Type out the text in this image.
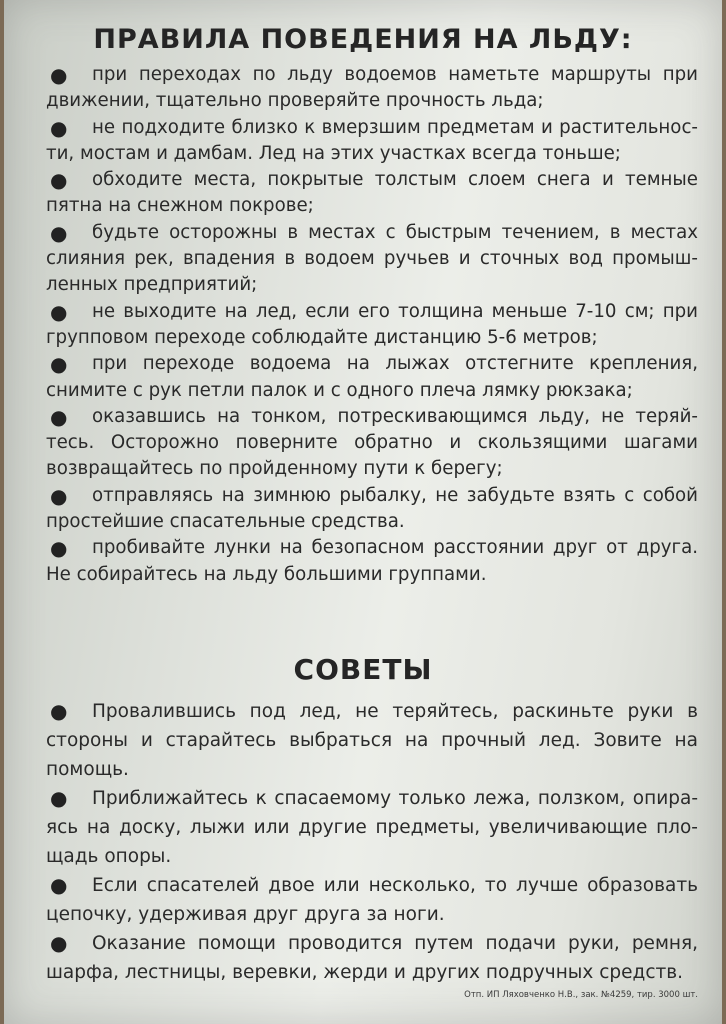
ПРАВИЛА ПОВЕДЕНИЯ НА ЛЬДУ:
●	при переходах по льду водоемов наметьте маршруты при движении, тщательно проверяйте прочность льда;
●	не подходите близко к вмерзшим предметам и растительнос-ти, мостам и дамбам. Лед на этих участках всегда тоньше;
●	обходите места, покрытые толстым слоем снега и темные пятна на снежном покрове;
●	будьте осторожны в местах с быстрым течением, в местах слияния рек, впадения в водоем ручьев и сточных вод промыш-ленных предприятий;
●	не выходите на лед, если его толщина меньше 7-10 см; при групповом переходе соблюдайте дистанцию 5-6 метров;
●	при переходе водоема на лыжах отстегните крепления, снимите с рук петли палок и с одного плеча лямку рюкзака;
●	оказавшись на тонком, потрескивающимся льду, не теряй-тесь. Осторожно поверните обратно и скользящими шагами возвращайтесь по пройденному пути к берегу;
●	отправляясь на зимнюю рыбалку, не забудьте взять с собой простейшие спасательные средства.
●	пробивайте лунки на безопасном расстоянии друг от друга. Не собирайтесь на льду большими группами.
СОВЕТЫ
●	Провалившись под лед, не теряйтесь, раскиньте руки в стороны и старайтесь выбраться на прочный лед. Зовите на помощь.
●	Приближайтесь к спасаемому только лежа, ползком, опира-ясь на доску, лыжи или другие предметы, увеличивающие пло-щадь опоры.
●	Если спасателей двое или несколько, то лучше образовать цепочку, удерживая друг друга за ноги.
●	Оказание помощи проводится путем подачи руки, ремня, шарфа, лестницы, веревки, жерди и других подручных средств.
Отп. ИП Ляховченко Н.В., зак. №4259, тир. 3000 шт.
